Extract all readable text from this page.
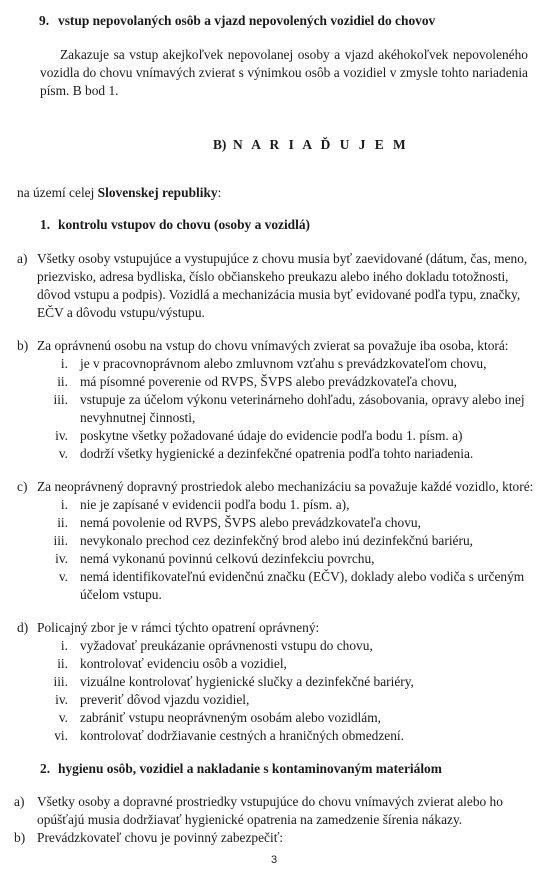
9. vstup nepovolaných osôb a vjazd nepovolených vozidiel do chovov
Zakazuje sa vstup akejkoľvek nepovolanej osoby a vjazd akéhokoľvek nepovoleného vozidla do chovu vnímavých zvierat s výnimkou osôb a vozidiel v zmysle tohto nariadenia písm. B bod 1.
B) N A R I A Ď U J E M
na území celej Slovenskej republiky:
1. kontrolu vstupov do chovu (osoby a vozidlá)
a) Všetky osoby vstupujúce a vystupujúce z chovu musia byť zaevidované (dátum, čas, meno,
priezvisko, adresa bydliska, číslo občianskeho preukazu alebo iného dokladu totožnosti,
dôvod vstupu a podpis). Vozidlá a mechanizácia musia byť evidované podľa typu, značky,
EČV a dôvodu vstupu/výstupu.
b) Za oprávnenú osobu na vstup do chovu vnímavých zvierat sa považuje iba osoba, ktorá:
i. je v pracovnoprávnom alebo zmluvnom vzťahu s prevádzkovateľom chovu,
ii. má písomné poverenie od RVPS, ŠVPS alebo prevádzkovateľa chovu,
iii. vstupuje za účelom výkonu veterinárneho dohľadu, zásobovania, opravy alebo inej
nevyhnutnej činnosti,
iv. poskytne všetky požadované údaje do evidencie podľa bodu 1. písm. a)
v. dodrží všetky hygienické a dezinfekčné opatrenia podľa tohto nariadenia.
c) Za neoprávnený dopravný prostriedok alebo mechanizáciu sa považuje každé vozidlo, ktoré:
i. nie je zapísané v evidencii podľa bodu 1. písm. a),
ii. nemá povolenie od RVPS, ŠVPS alebo prevádzkovateľa chovu,
iii. nevykonalo prechod cez dezinfekčný brod alebo inú dezinfekčnú bariéru,
iv. nemá vykonanú povinnú celkovú dezinfekciu povrchu,
v. nemá identifikovateľnú evidenčnú značku (EČV), doklady alebo vodiča s určeným
účelom vstupu.
d) Policajný zbor je v rámci týchto opatrení oprávnený:
i. vyžadovať preukázanie oprávnenosti vstupu do chovu,
ii. kontrolovať evidenciu osôb a vozidiel,
iii. vizuálne kontrolovať hygienické slučky a dezinfekčné bariéry,
iv. preveriť dôvod vjazdu vozidiel,
v. zabrániť vstupu neoprávneným osobám alebo vozidlám,
vi. kontrolovať dodržiavanie cestných a hraničných obmedzení.
2. hygienu osôb, vozidiel a nakladanie s kontaminovaným materiálom
a) Všetky osoby a dopravné prostriedky vstupujúce do chovu vnímavých zvierat alebo ho
opúšťajú musia dodržiavať hygienické opatrenia na zamedzenie šírenia nákazy.
b) Prevádzkovateľ chovu je povinný zabezpečiť:
3
